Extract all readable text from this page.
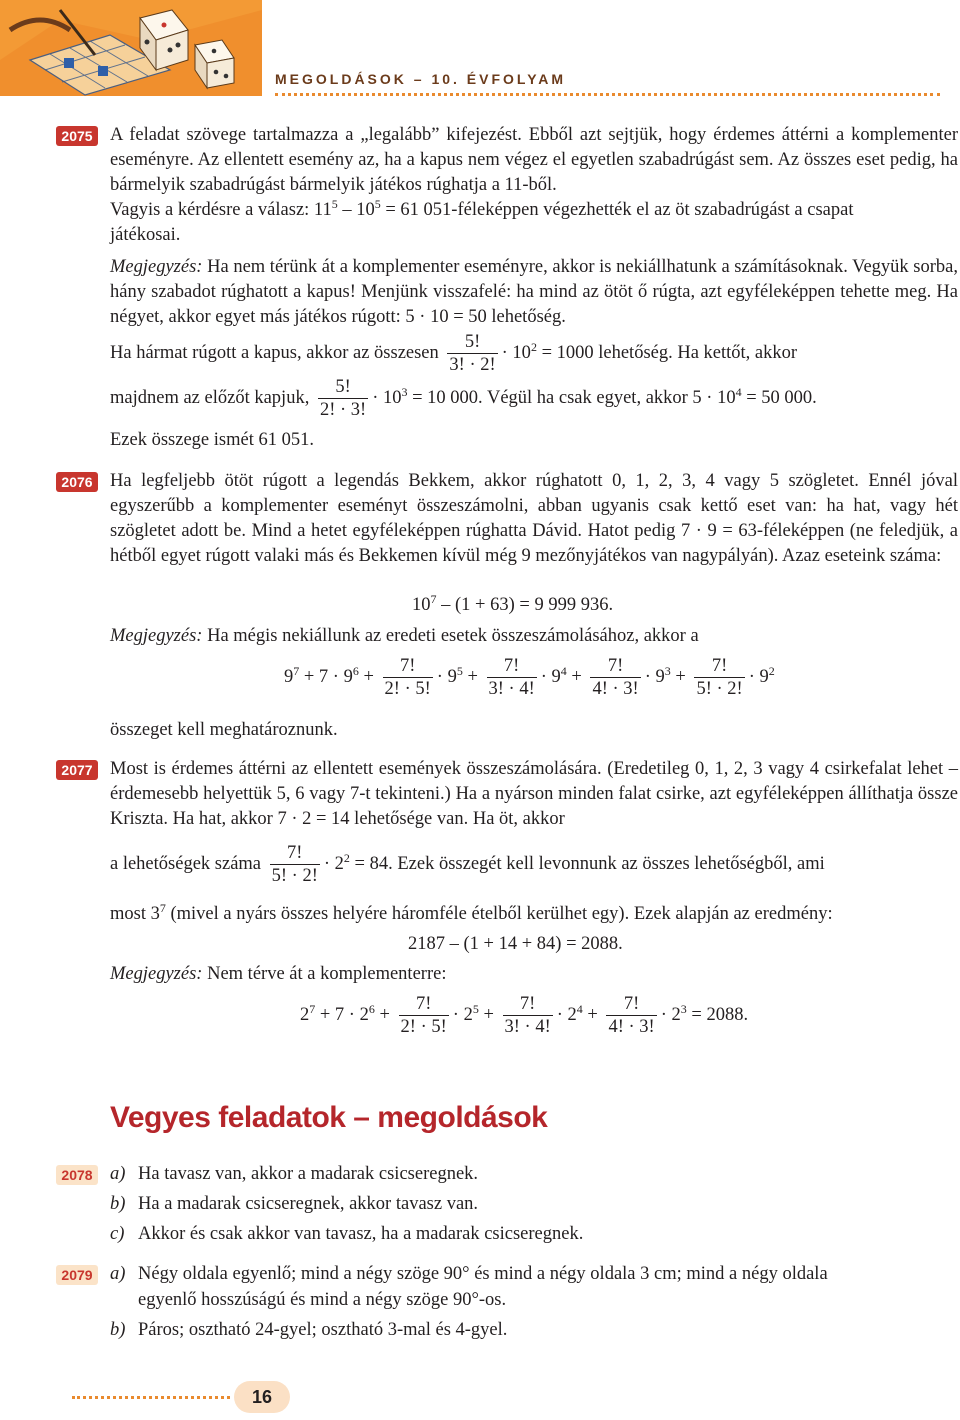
MEGOLDÁSOK – 10. ÉVFOLYAM
2075 A feladat szövege tartalmazza a „legalább” kifejezést. Ebből azt sejtjük, hogy érdemes áttérni a komplementer eseményre. Az ellentett esemény az, ha a kapus nem végez el egyetlen szabadrúgást sem. Az összes eset pedig, ha bármelyik szabadrúgást bármelyik játékos rúghatja a 11-ből.

Vagyis a kérdésre a válasz: $11^5 - 10^5 = 61$ 051-féleképpen végezhették el az öt szabadrúgást a csapat
játékosai.

Megjegyzés: Ha nem térünk át a komplementer eseményre, akkor is nekiállhatunk a számításoknak. Vegyük sorba, hány szabadot rúghatott a kapus! Menjünk visszafelé: ha mind az ötöt ő rúgta, azt egyféleképpen tehette meg. Ha négyet, akkor egyet más játékos rúgott: 5 · 10 = 50 lehetőség.

Ha hármat rúgott a kapus, akkor az összesen $\frac{5!}{3! \cdot 2!} \cdot 10^2 = 1000$ lehetőség. Ha kettőt, akkor
majdnem az előzőt kapjuk, $\frac{5!}{2! \cdot 3!} \cdot 10^3 = 10$ 000. Végül ha csak egyet, akkor $5 \cdot 10^4 = 50$ 000.
Ezek összege ismét 61 051.
2076 Ha legfeljebb ötöt rúgott a legendás Bekkem, akkor rúghatott 0, 1, 2, 3, 4 vagy 5 szögletet. Ennél jóval egyszerűbb a komplementer eseményt összeszámolni, abban ugyanis csak kettő eset van: ha hat, vagy hét szögletet adott be. Mind a hetet egyféleképpen rúghatta Dávid. Hatot pedig 7 · 9 = 63-féleképpen (ne feledjük, a hétből egyet rúgott valaki más és Bekkemen kívül még 9 mezőnyjátékos van nagypályán). Azaz eseteink száma:

$10^7 - (1 + 63) = 9$ 999 936.

Megjegyzés: Ha mégis nekiállunk az eredeti esetek összeszámolásához, akkor a

$9^7 + 7 \cdot 9^6 + \frac{7!}{2! \cdot 5!} \cdot 9^5 + \frac{7!}{3! \cdot 4!} \cdot 9^4 + \frac{7!}{4! \cdot 3!} \cdot 9^3 + \frac{7!}{5! \cdot 2!} \cdot 9^2$
összeget kell meghatároznunk.
2077 Most is érdemes áttérni az ellentett események összeszámolására. (Eredetileg 0, 1, 2, 3 vagy 4 csirkefalat lehet – érdemesebb helyettük 5, 6 vagy 7-t tekinteni.) Ha a nyárson minden falat csirke, azt egyféleképpen állíthatja össze Kriszta. Ha hat, akkor 7 · 2 = 14 lehetősége van. Ha öt, akkor

a lehetőségek száma $\frac{7!}{5! \cdot 2!} \cdot 2^2 = 84$. Ezek összegét kell levonnunk az összes lehetőségből, ami
most $3^7$ (mivel a nyárs összes helyére háromféle ételből kerülhet egy). Ezek alapján az eredmény:
2187 – (1 + 14 + 84) = 2088.

Megjegyzés: Nem térve át a komplementerre:

$2^7 + 7 \cdot 2^6 + \frac{7!}{2! \cdot 5!} \cdot 2^5 + \frac{7!}{3! \cdot 4!} \cdot 2^4 + \frac{7!}{4! \cdot 3!} \cdot 2^3 = 2088$.
Vegyes feladatok – megoldások
2078 a) Ha tavasz van, akkor a madarak csicseregnek.
b) Ha a madarak csicseregnek, akkor tavasz van.
c) Akkor és csak akkor van tavasz, ha a madarak csicseregnek.
2079 a) Négy oldala egyenlő; mind a négy szöge 90° és mind a négy oldala 3 cm; mind a négy oldala
egyenlő hosszúságú és mind a négy szöge 90°-os.
b) Páros; osztható 24-gyel; osztható 3-mal és 4-gyel.
16
